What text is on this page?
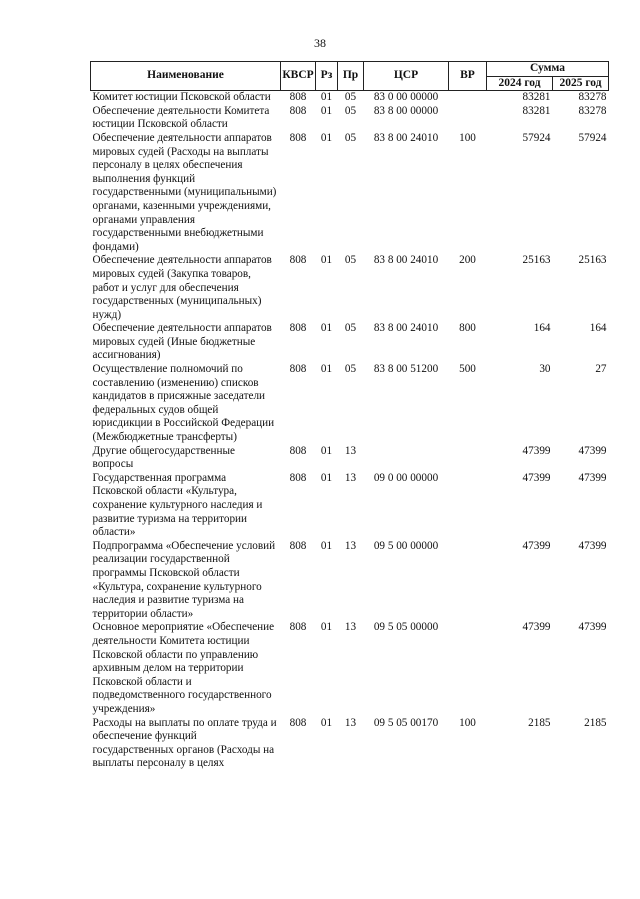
38
Наименование	КВСР	Рз	Пр	ЦСР	ВР	Сумма	
						2024 год	2025 год
Комитет юстиции Псковской области	808	01	05	83 0 00 00000		83281	83278
Обеспечение деятельности Комитета юстиции Псковской области	808	01	05	83 8 00 00000		83281	83278
Обеспечение деятельности аппаратов мировых судей (Расходы на выплаты персоналу в целях обеспечения выполнения функций государственными (муниципальными) органами, казенными учреждениями, органами управления государственными внебюджетными фондами)	808	01	05	83 8 00 24010	100	57924	57924
Обеспечение деятельности аппаратов мировых судей (Закупка товаров, работ и услуг для обеспечения государственных (муниципальных) нужд)	808	01	05	83 8 00 24010	200	25163	25163
Обеспечение деятельности аппаратов мировых судей (Иные бюджетные ассигнования)	808	01	05	83 8 00 24010	800	164	164
Осуществление полномочий по составлению (изменению) списков кандидатов в присяжные заседатели федеральных судов общей юрисдикции в Российской Федерации (Межбюджетные трансферты)	808	01	05	83 8 00 51200	500	30	27
Другие общегосударственные вопросы	808	01	13			47399	47399
Государственная программа Псковской области «Культура, сохранение культурного наследия и развитие туризма на территории области»	808	01	13	09 0 00 00000		47399	47399
Подпрограмма «Обеспечение условий реализации государственной программы Псковской области «Культура, сохранение культурного наследия и развитие туризма на территории области»	808	01	13	09 5 00 00000		47399	47399
Основное мероприятие «Обеспечение деятельности Комитета юстиции Псковской области по управлению архивным делом на территории Псковской области и подведомственного государственного учреждения»	808	01	13	09 5 05 00000		47399	47399
Расходы на выплаты по оплате труда и обеспечение функций государственных органов (Расходы на выплаты персоналу в целях	808	01	13	09 5 05 00170	100	2185	2185
